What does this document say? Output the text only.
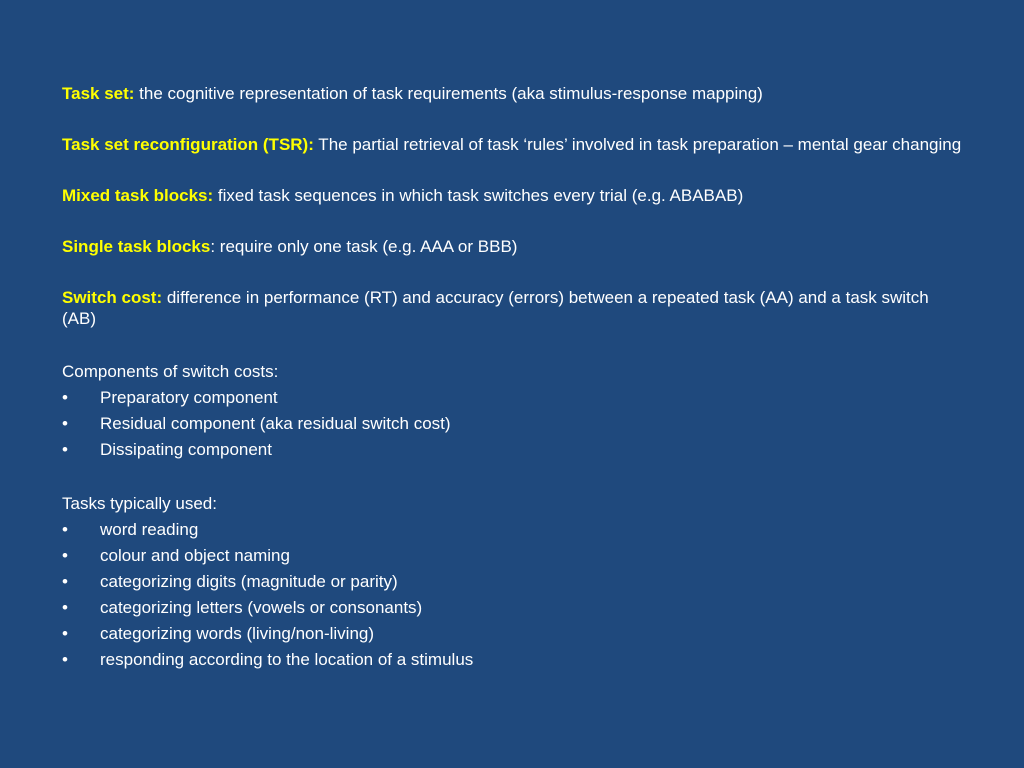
Task set: the cognitive representation of task requirements (aka stimulus-response mapping)

Task set reconfiguration (TSR): The partial retrieval of task ‘rules’ involved in task preparation – mental gear changing

Mixed task blocks: fixed task sequences in which task switches every trial (e.g. ABABAB)

Single task blocks: require only one task (e.g. AAA or BBB)

Switch cost: difference in performance (RT) and accuracy (errors) between a repeated task (AA) and a task switch (AB)

Components of switch costs:

• Preparatory component
• Residual component (aka residual switch cost)
• Dissipating component

Tasks typically used:

• word reading
• colour and object naming
• categorizing digits (magnitude or parity)
• categorizing letters (vowels or consonants)
• categorizing words (living/non-living)
• responding according to the location of a stimulus
